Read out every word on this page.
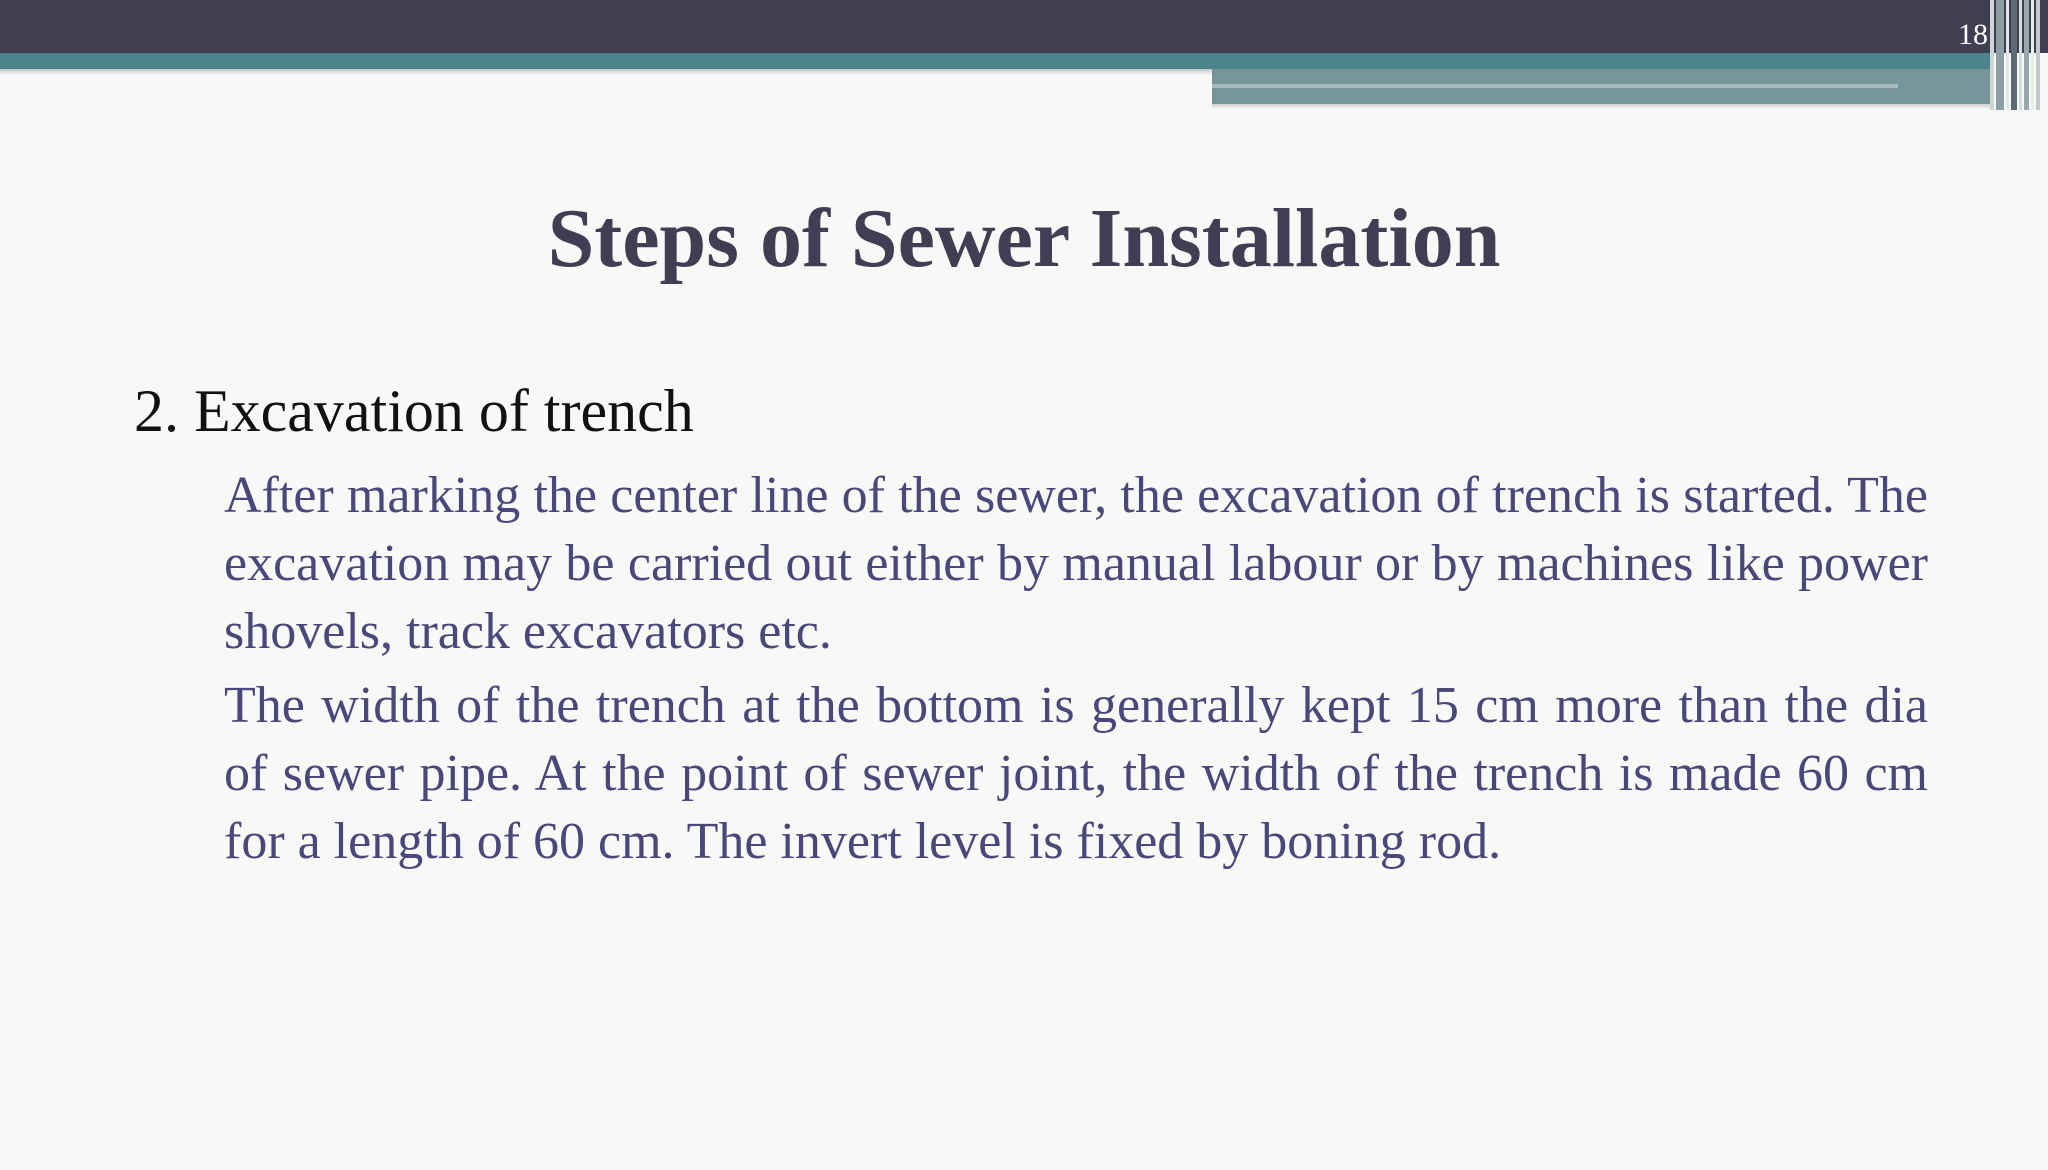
18
Steps of Sewer Installation
2. Excavation of trench

After marking the center line of the sewer, the excavation of trench is started. The excavation may be carried out either by manual labour or by machines like power shovels, track excavators etc.

The width of the trench at the bottom is generally kept 15 cm more than the dia of sewer pipe. At the point of sewer joint, the width of the trench is made 60 cm for a length of 60 cm. The invert level is fixed by boning rod.
